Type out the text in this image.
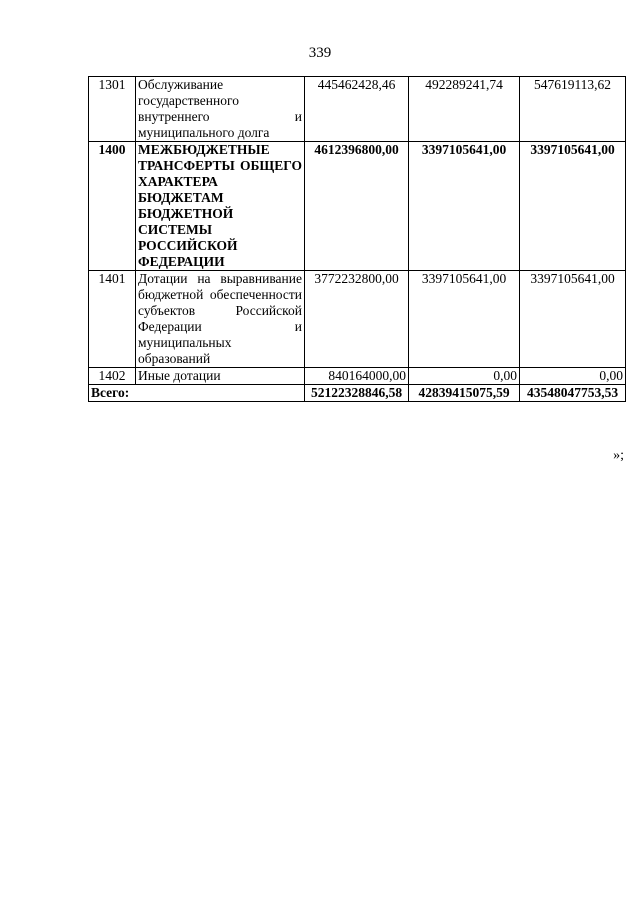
339
1301	Обслуживание государственного внутреннего и муниципального долга	445462428,46	492289241,74	547619113,62
1400	МЕЖБЮДЖЕТНЫЕ ТРАНСФЕРТЫ ОБЩЕГО ХАРАКТЕРА БЮДЖЕТАМ БЮДЖЕТНОЙ СИСТЕМЫ РОССИЙСКОЙ ФЕДЕРАЦИИ	4612396800,00	3397105641,00	3397105641,00
1401	Дотации на выравнивание бюджетной обеспеченности субъектов Российской Федерации и муниципальных образований	3772232800,00	3397105641,00	3397105641,00
1402	Иные дотации	840164000,00	0,00	0,00
Всего:		52122328846,58	42839415075,59	43548047753,53
»;
